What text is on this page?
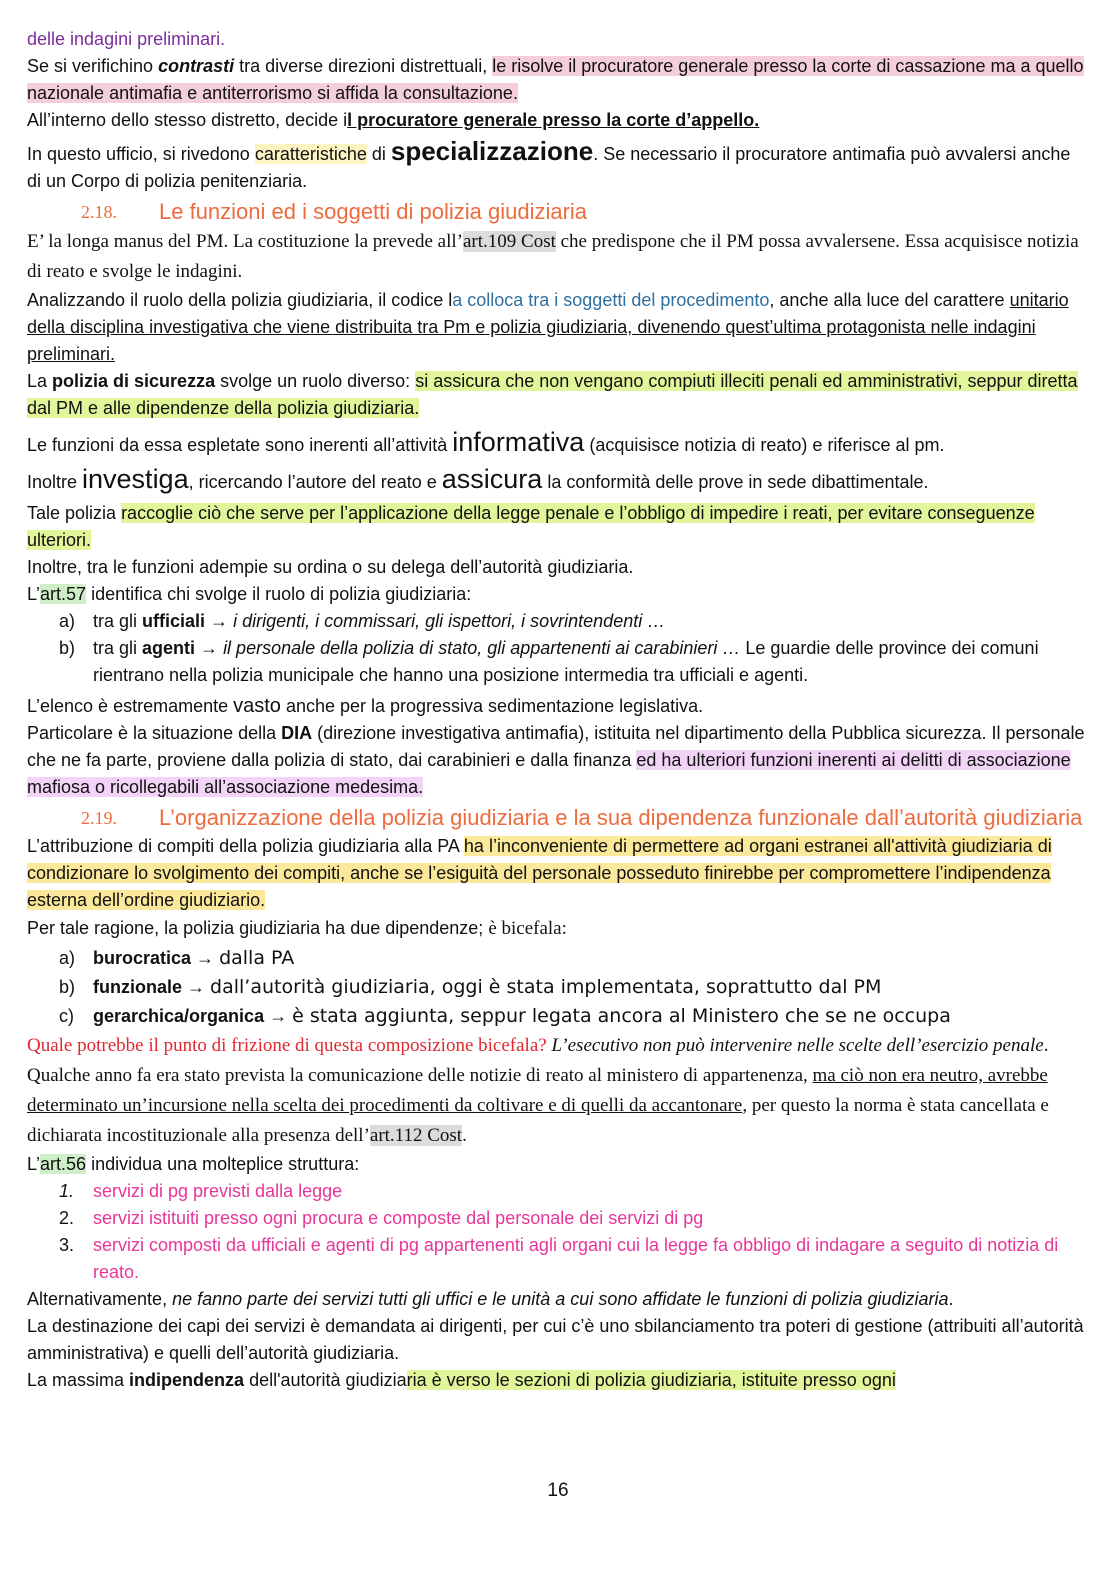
delle indagini preliminari.

Se si verifichino contrasti tra diverse direzioni distrettuali, le risolve il procuratore generale presso la corte di cassazione ma a quello nazionale antimafia e antiterrorismo si affida la consultazione.

All’interno dello stesso distretto, decide il procuratore generale presso la corte d’appello.

In questo ufficio, si rivedono caratteristiche di specializzazione. Se necessario il procuratore antimafia può avvalersi anche di un Corpo di polizia penitenziaria.

2.18.	Le funzioni ed i soggetti di polizia giudiziaria

E’ la longa manus del PM. La costituzione la prevede all’art.109 Cost che predispone che il PM possa avvalersene. Essa acquisisce notizia di reato e svolge le indagini.

Analizzando il ruolo della polizia giudiziaria, il codice la colloca tra i soggetti del procedimento, anche alla luce del carattere unitario della disciplina investigativa che viene distribuita tra Pm e polizia giudiziaria, divenendo quest’ultima protagonista nelle indagini preliminari.

La polizia di sicurezza svolge un ruolo diverso: si assicura che non vengano compiuti illeciti penali ed amministrativi, seppur diretta dal PM e alle dipendenze della polizia giudiziaria.

Le funzioni da essa espletate sono inerenti all’attività informativa (acquisisce notizia di reato) e riferisce al pm.

Inoltre investiga, ricercando l’autore del reato e assicura la conformità delle prove in sede dibattimentale.

Tale polizia raccoglie ciò che serve per l’applicazione della legge penale e l’obbligo di impedire i reati, per evitare conseguenze ulteriori.

Inoltre, tra le funzioni adempie su ordina o su delega dell’autorità giudiziaria.

L’art.57 identifica chi svolge il ruolo di polizia giudiziaria:

a) tra gli ufficiali → i dirigenti, i commissari, gli ispettori, i sovrintendenti …
b) tra gli agenti → il personale della polizia di stato, gli appartenenti ai carabinieri … Le guardie delle province dei comuni rientrano nella polizia municipale che hanno una posizione intermedia tra ufficiali e agenti.

L’elenco è estremamente vasto anche per la progressiva sedimentazione legislativa.

Particolare è la situazione della DIA (direzione investigativa antimafia), istituita nel dipartimento della Pubblica sicurezza. Il personale che ne fa parte, proviene dalla polizia di stato, dai carabinieri e dalla finanza ed ha ulteriori funzioni inerenti ai delitti di associazione mafiosa o ricollegabili all’associazione medesima.

2.19.	L’organizzazione della polizia giudiziaria e la sua dipendenza funzionale dall’autorità giudiziaria

L’attribuzione di compiti della polizia giudiziaria alla PA ha l’inconveniente di permettere ad organi estranei all'attività giudiziaria di condizionare lo svolgimento dei compiti, anche se l’esiguità del personale posseduto finirebbe per compromettere l’indipendenza esterna dell’ordine giudiziario.

Per tale ragione, la polizia giudiziaria ha due dipendenze; è bicefala:

a) burocratica → dalla PA
b) funzionale → dall’autorità giudiziaria, oggi è stata implementata, soprattutto dal PM
c)	gerarchica/organica → è stata aggiunta, seppur legata ancora al Ministero che se ne occupa

Quale potrebbe il punto di frizione di questa composizione bicefala? L’esecutivo non può intervenire nelle scelte dell’esercizio penale. Qualche anno fa era stato prevista la comunicazione delle notizie di reato al ministero di appartenenza, ma ciò non era neutro, avrebbe determinato un’incursione nella scelta dei procedimenti da coltivare e di quelli da accantonare, per questo la norma è stata cancellata e dichiarata incostituzionale alla presenza dell’art.112 Cost.

L’art.56 individua una molteplice struttura:

1.	servizi di pg previsti dalla legge
2.	servizi istituiti presso ogni procura e composte dal personale dei servizi di pg
3.	servizi composti da ufficiali e agenti di pg appartenenti agli organi cui la legge fa obbligo di indagare a seguito di notizia di reato.

Alternativamente, ne fanno parte dei servizi tutti gli uffici e le unità a cui sono affidate le funzioni di polizia giudiziaria.

La destinazione dei capi dei servizi è demandata ai dirigenti, per cui c’è uno sbilanciamento tra poteri di gestione (attribuiti all’autorità amministrativa) e quelli dell’autorità giudiziaria.

La massima indipendenza dell'autorità giudiziaria è verso le sezioni di polizia giudiziaria, istituite presso ogni

16
